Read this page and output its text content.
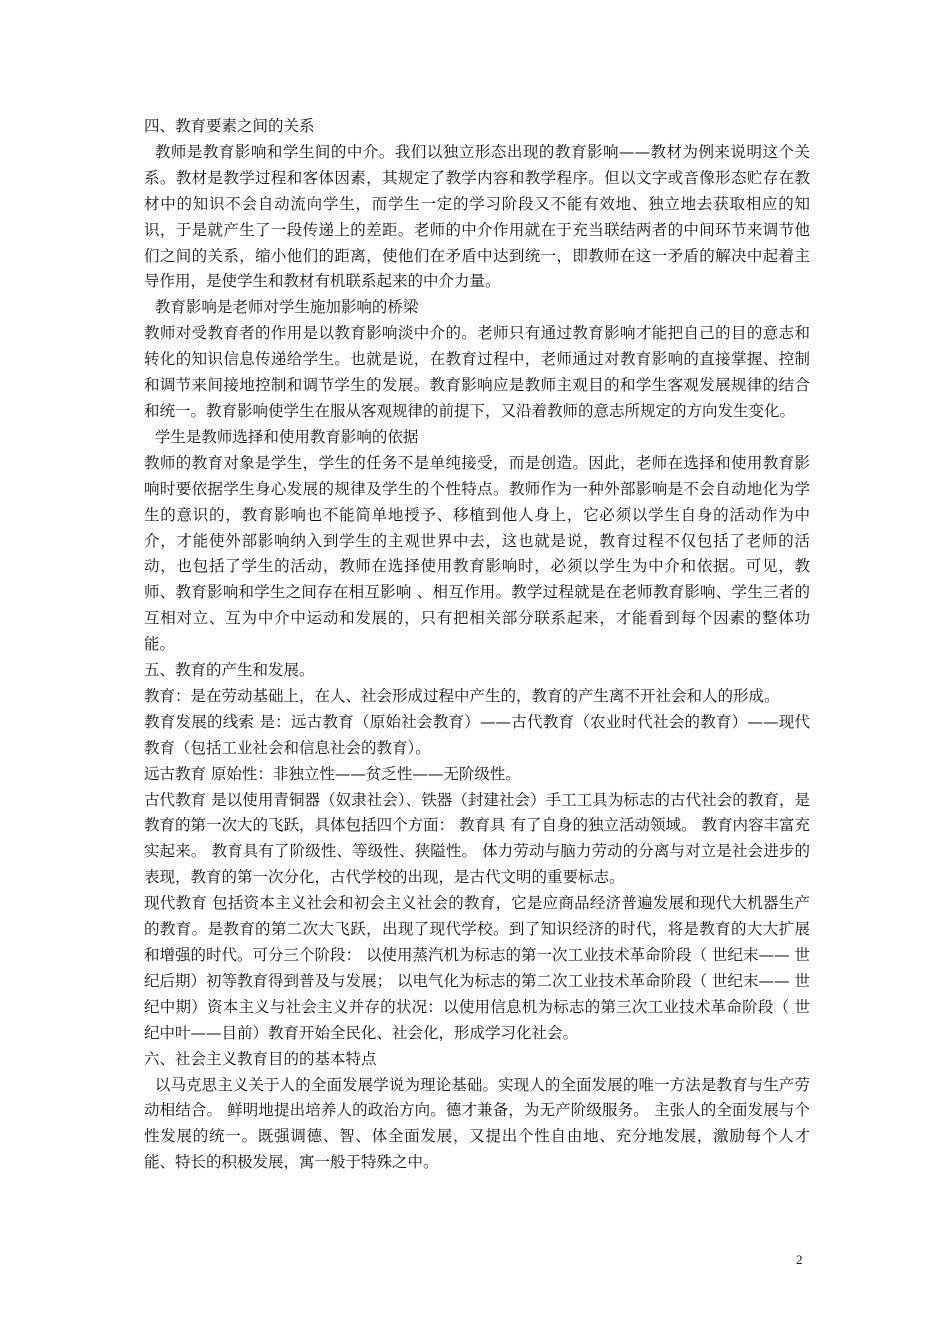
四、教育要素之间的关系

教师是教育影响和学生间的中介。我们以独立形态出现的教育影响——教材为例来说明这个关系。教材是教学过程和客体因素，其规定了教学内容和教学程序。但以文字或音像形态贮存在教材中的知识不会自动流向学生，而学生一定的学习阶段又不能有效地、独立地去获取相应的知识，于是就产生了一段传递上的差距。老师的中介作用就在于充当联结两者的中间环节来调节他们之间的关系，缩小他们的距离，使他们在矛盾中达到统一，即教师在这一矛盾的解决中起着主导作用，是使学生和教材有机联系起来的中介力量。

教育影响是老师对学生施加影响的桥梁

教师对受教育者的作用是以教育影响淡中介的。老师只有通过教育影响才能把自己的目的意志和转化的知识信息传递给学生。也就是说，在教育过程中，老师通过对教育影响的直接掌握、控制和调节来间接地控制和调节学生的发展。教育影响应是教师主观目的和学生客观发展规律的结合和统一。教育影响使学生在服从客观规律的前提下，又沿着教师的意志所规定的方向发生变化。

学生是教师选择和使用教育影响的依据

教师的教育对象是学生，学生的任务不是单纯接受，而是创造。因此，老师在选择和使用教育影响时要依据学生身心发展的规律及学生的个性特点。教师作为一种外部影响是不会自动地化为学生的意识的，教育影响也不能简单地授予、移植到他人身上，它必须以学生自身的活动作为中介，才能使外部影响纳入到学生的主观世界中去，这也就是说，教育过程不仅包括了老师的活动，也包括了学生的活动，教师在选择使用教育影响时，必须以学生为中介和依据。可见，教师、教育影响和学生之间存在相互影响 、相互作用。教学过程就是在老师教育影响、学生三者的互相对立、互为中介中运动和发展的，只有把相关部分联系起来，才能看到每个因素的整体功能。

五、教育的产生和发展。

教育：是在劳动基础上，在人、社会形成过程中产生的，教育的产生离不开社会和人的形成。

教育发展的线索 是：远古教育（原始社会教育）——古代教育（农业时代社会的教育）——现代教育（包括工业社会和信息社会的教育）。

远古教育 原始性：非独立性——贫乏性——无阶级性。

古代教育 是以使用青铜器（奴隶社会）、铁器（封建社会）手工工具为标志的古代社会的教育，是教育的第一次大的飞跃，具体包括四个方面： 教育具 有了自身的独立活动领域。 教育内容丰富充实起来。 教育具有了阶级性、等级性、狭隘性。 体力劳动与脑力劳动的分离与对立是社会进步的表现，教育的第一次分化，古代学校的出现，是古代文明的重要标志。

现代教育 包括资本主义社会和初会主义社会的教育，它是应商品经济普遍发展和现代大机器生产的教育。是教育的第二次大飞跃，出现了现代学校。到了知识经济的时代，将是教育的大大扩展和增强的时代。可分三个阶段： 以使用蒸汽机为标志的第一次工业技术革命阶段（ 世纪末—— 世纪后期）初等教育得到普及与发展； 以电气化为标志的第二次工业技术革命阶段（ 世纪末—— 世纪中期）资本主义与社会主义并存的状况：以使用信息机为标志的第三次工业技术革命阶段（ 世纪中叶——目前）教育开始全民化、社会化，形成学习化社会。

六、社会主义教育目的的基本特点

以马克思主义关于人的全面发展学说为理论基础。实现人的全面发展的唯一方法是教育与生产劳动相结合。 鲜明地提出培养人的政治方向。德才兼备，为无产阶级服务。 主张人的全面发展与个性发展的统一。既强调德、智、体全面发展，又提出个性自由地、充分地发展，激励每个人才能、特长的积极发展，寓一般于特殊之中。

2
